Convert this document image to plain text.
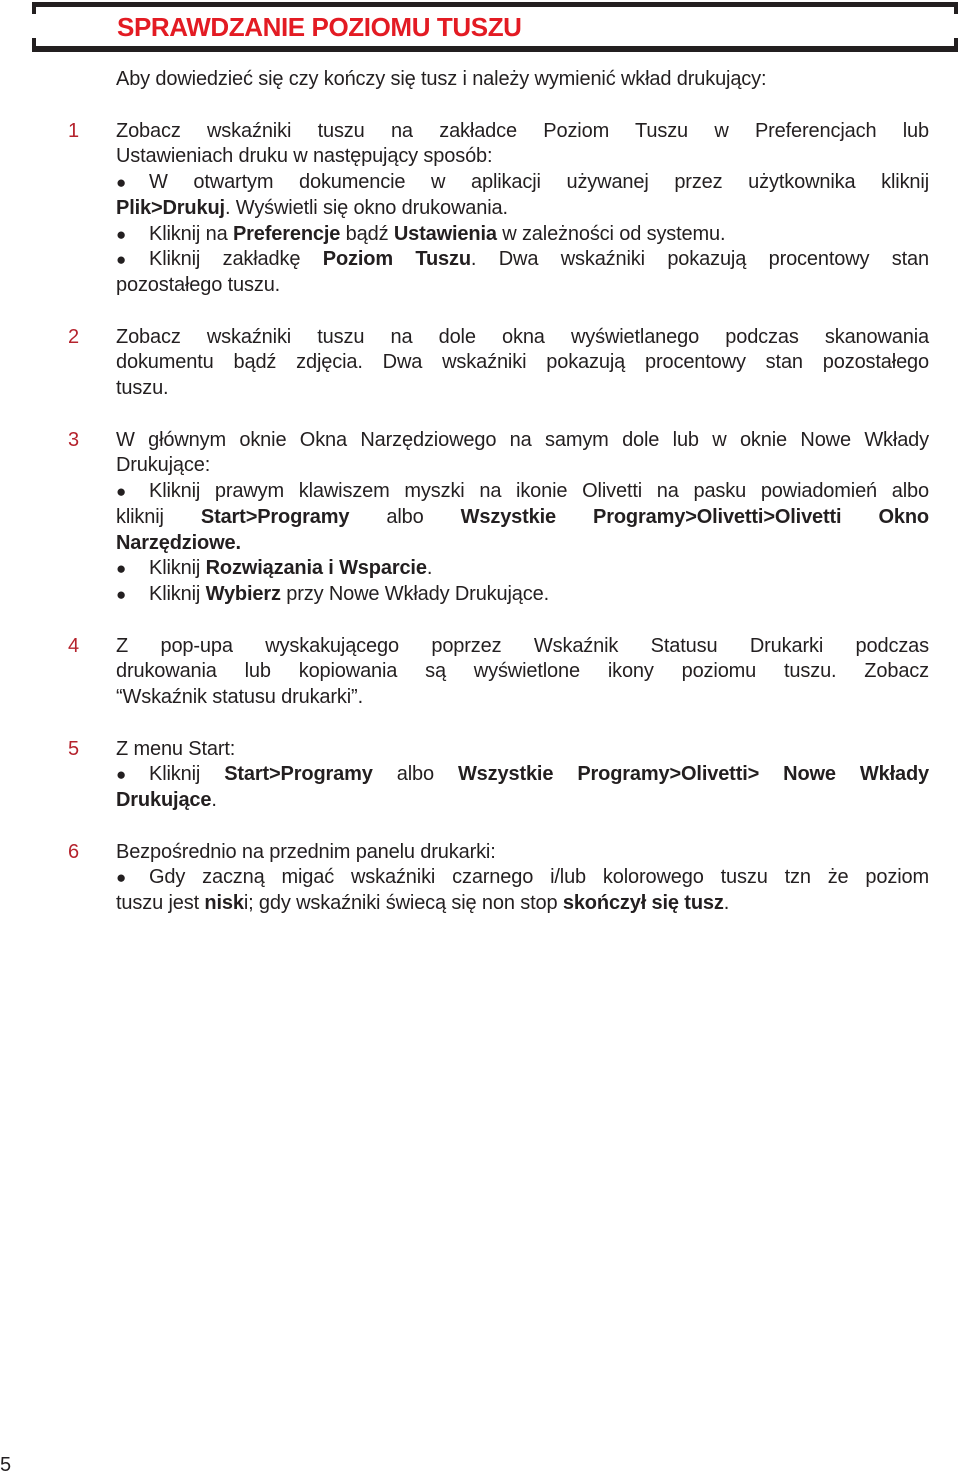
SPRAWDZANIE POZIOMU TUSZU
Aby dowiedzieć się czy kończy się tusz i należy wymienić wkład drukujący:
1 Zobacz wskaźniki tuszu na zakładce Poziom Tuszu w Preferencjach lub
Ustawieniach druku w następujący sposób:
● W otwartym dokumencie w aplikacji używanej przez użytkownika kliknij
Plik>Drukuj. Wyświetli się okno drukowania.
● Kliknij na Preferencje bądź Ustawienia w zależności od systemu.
● Kliknij zakładkę Poziom Tuszu. Dwa wskaźniki pokazują procentowy stan
pozostałego tuszu.
2 Zobacz wskaźniki tuszu na dole okna wyświetlanego podczas skanowania
dokumentu bądź zdjęcia. Dwa wskaźniki pokazują procentowy stan pozostałego
tuszu.
3 W głównym oknie Okna Narzędziowego na samym dole lub w oknie Nowe Wkłady
Drukujące:
● Kliknij prawym klawiszem myszki na ikonie Olivetti na pasku powiadomień albo
kliknij Start>Programy albo Wszystkie Programy>Olivetti>Olivetti Okno
Narzędziowe.
● Kliknij Rozwiązania i Wsparcie.
● Kliknij Wybierz przy Nowe Wkłady Drukujące.
4 Z pop-upa wyskakującego poprzez Wskaźnik Statusu Drukarki podczas
drukowania lub kopiowania są wyświetlone ikony poziomu tuszu. Zobacz
“Wskaźnik statusu drukarki”.
5 Z menu Start:
● Kliknij Start>Programy albo Wszystkie Programy>Olivetti> Nowe Wkłady
Drukujące.
6 Bezpośrednio na przednim panelu drukarki:
● Gdy zaczną migać wskaźniki czarnego i/lub kolorowego tuszu tzn że poziom
tuszu jest niski; gdy wskaźniki świecą się non stop skończył się tusz.
5
